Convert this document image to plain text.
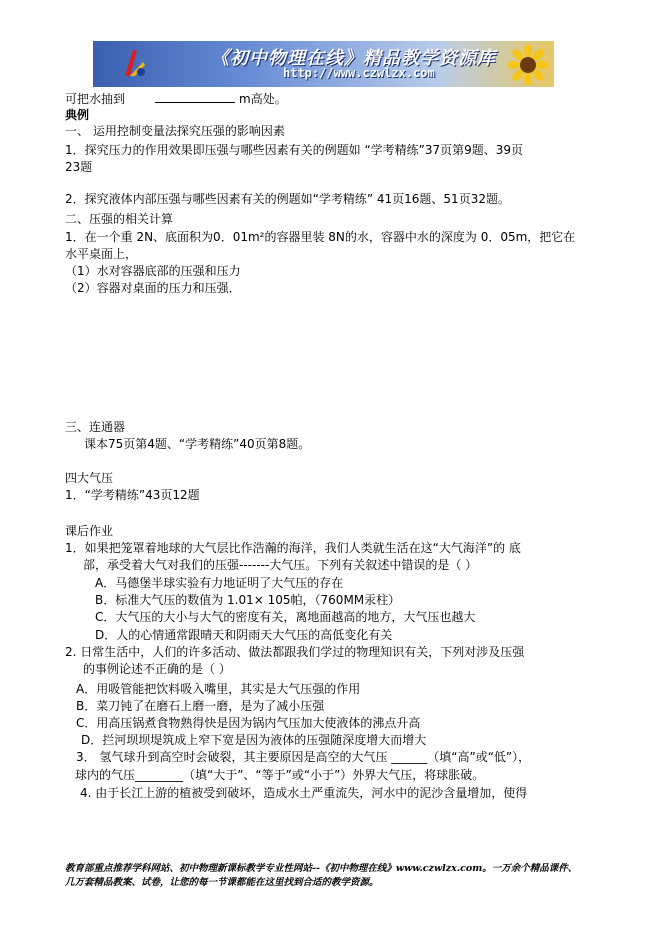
《初中物理在线》精品教学资源库
http://www.czwlzx.com
可把水抽到	m高处。
典例
一、 运用控制变量法探究压强的影响因素
1．探究压力的作用效果即压强与哪些因素有关的例题如 “学考精练”37页第9题、39页
23题
2．探究液体内部压强与哪些因素有关的例题如“学考精练” 41页16题、51页32题。
二、压强的相关计算
1．在一个重 2N、底面积为0．01m²的容器里装 8N的水，容器中水的深度为 0．05m，把它在
水平桌面上，
（1）水对容器底部的压强和压力
（2）容器对桌面的压力和压强．
三、连通器
课本75页第4题、“学考精练”40页第8题。
四大气压
1．“学考精练”43页12题
课后作业
1．如果把笼罩着地球的大气层比作浩瀚的海洋，我们人类就生活在这“大气海洋”的 底
部，承受着大气对我们的压强-------大气压。下列有关叙述中错误的是（ ）
A．马德堡半球实验有力地证明了大气压的存在
B．标准大气压的数值为 1.01× 105帕，（760MM汞柱）
C．大气压的大小与大气的密度有关，离地面越高的地方，大气压也越大
D．人的心情通常跟晴天和阴雨天大气压的高低变化有关
2. 日常生活中，人们的许多活动、做法都跟我们学过的物理知识有关，下列对涉及压强
的事例论述不正确的是（ ）
A．用吸管能把饮料吸入嘴里，其实是大气压强的作用
B．菜刀钝了在磨石上磨一磨，是为了减小压强
C．用高压锅煮食物熟得快是因为锅内气压加大使液体的沸点升高
D．拦河坝坝堤筑成上窄下宽是因为液体的压强随深度增大而增大
3． 氢气球升到高空时会破裂，其主要原因是高空的大气压 ______（填“高”或“低”），
球内的气压________（填“大于”、“等于”或“小于”）外界大气压，将球胀破。
4. 由于长江上游的植被受到破坏，造成水土严重流失，河水中的泥沙含量增加，使得
教育部重点推荐学科网站、初中物理新课标教学专业性网站--《初中物理在线》www.czwlzx.com。一万余个精品课件、
几万套精品教案、试卷，让您的每一节课都能在这里找到合适的教学资源。
